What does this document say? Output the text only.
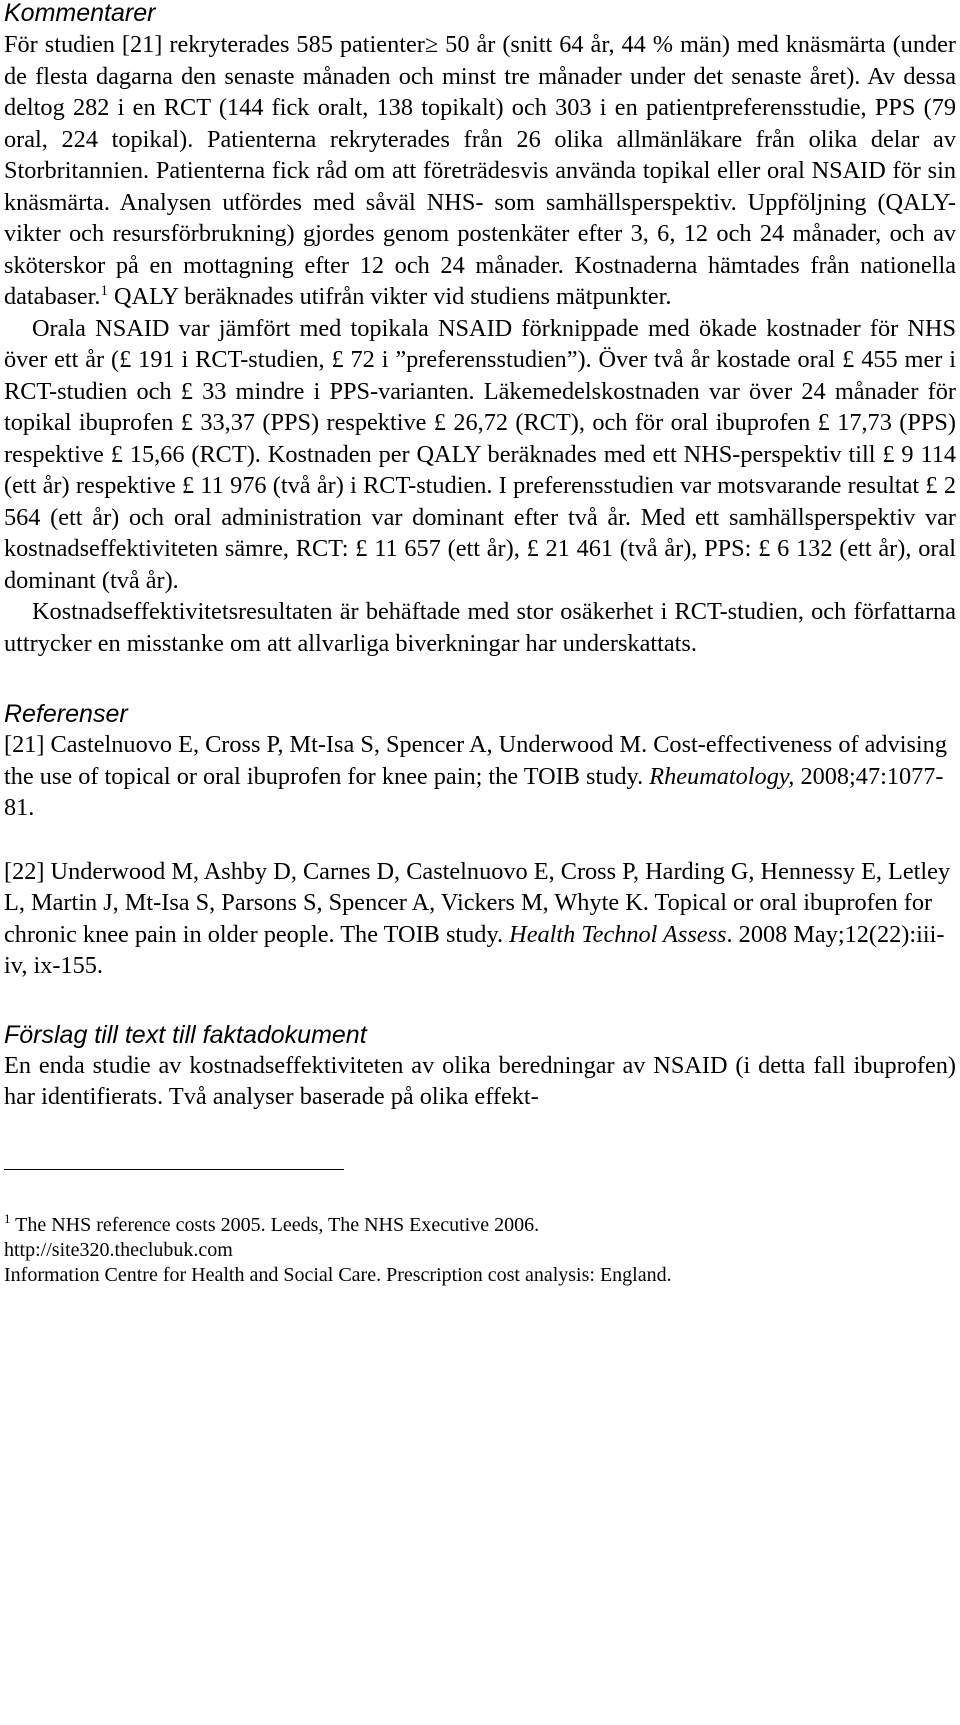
Kommentarer

För studien [21] rekryterades 585 patienter≥ 50 år (snitt 64 år, 44 % män) med knäsmärta (under de flesta dagarna den senaste månaden och minst tre månader under det senaste året). Av dessa deltog 282 i en RCT (144 fick oralt, 138 topikalt) och 303 i en patientpreferensstudie, PPS (79 oral, 224 topikal). Patienterna rekryterades från 26 olika allmänläkare från olika delar av Storbritannien. Patienterna fick råd om att företrädesvis använda topikal eller oral NSAID för sin knäsmärta. Analysen utfördes med såväl NHS- som samhällsperspektiv. Uppföljning (QALY-vikter och resursförbrukning) gjordes genom postenkäter efter 3, 6, 12 och 24 månader, och av sköterskor på en mottagning efter 12 och 24 månader. Kostnaderna hämtades från nationella databaser.$^1$ QALY beräknades utifrån vikter vid studiens mätpunkter.

Orala NSAID var jämfört med topikala NSAID förknippade med ökade kostnader för NHS över ett år (£ 191 i RCT-studien, £ 72 i ”preferensstudien”). Över två år kostade oral £ 455 mer i RCT-studien och £ 33 mindre i PPS-varianten. Läkemedelskostnaden var över 24 månader för topikal ibuprofen £ 33,37 (PPS) respektive £ 26,72 (RCT), och för oral ibuprofen £ 17,73 (PPS) respektive £ 15,66 (RCT). Kostnaden per QALY beräknades med ett NHS-perspektiv till £ 9 114 (ett år) respektive £ 11 976 (två år) i RCT-studien. I preferensstudien var motsvarande resultat £ 2 564 (ett år) och oral administration var dominant efter två år. Med ett samhällsperspektiv var kostnadseffektiviteten sämre, RCT: £ 11 657 (ett år), £ 21 461 (två år), PPS: £ 6 132 (ett år), oral dominant (två år).

Kostnadseffektivitetsresultaten är behäftade med stor osäkerhet i RCT-studien, och författarna uttrycker en misstanke om att allvarliga biverkningar har underskattats.

Referenser

[21] Castelnuovo E, Cross P, Mt-Isa S, Spencer A, Underwood M. Cost-effectiveness of advising the use of topical or oral ibuprofen for knee pain; the TOIB study. Rheumatology, 2008;47:1077-81.

[22] Underwood M, Ashby D, Carnes D, Castelnuovo E, Cross P, Harding G, Hennessy E, Letley L, Martin J, Mt-Isa S, Parsons S, Spencer A, Vickers M, Whyte K. Topical or oral ibuprofen for chronic knee pain in older people. The TOIB study. Health Technol Assess. 2008 May;12(22):iii-iv, ix-155.

Förslag till text till faktadokument

En enda studie av kostnadseffektiviteten av olika beredningar av NSAID (i detta fall ibuprofen) har identifierats. Två analyser baserade på olika effekt-

$^1$ The NHS reference costs 2005. Leeds, The NHS Executive 2006.

http://site320.theclubuk.com

Information Centre for Health and Social Care. Prescription cost analysis: England.
